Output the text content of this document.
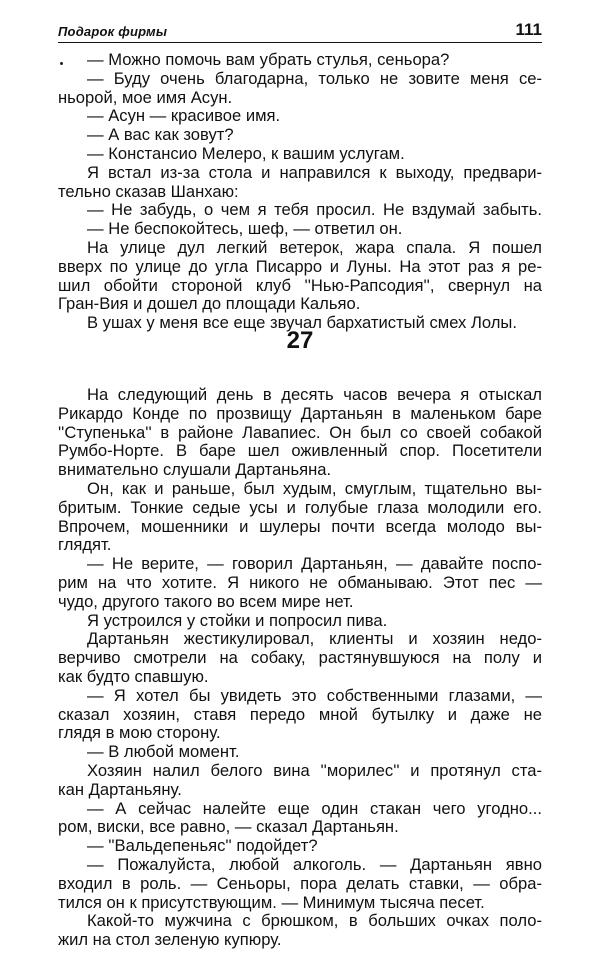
Подарок фирмы	111
— Можно помочь вам убрать стулья, сеньора?
— Буду очень благодарна, только не зовите меня се-
ньорой, мое имя Асун.
— Асун — красивое имя.
— А вас как зовут?
— Констансио Мелеро, к вашим услугам.
Я встал из-за стола и направился к выходу, предвари-
тельно сказав Шанхаю:
— Не забудь, о чем я тебя просил. Не вздумай забыть.
— Не беспокойтесь, шеф, — ответил он.
На улице дул легкий ветерок, жара спала. Я пошел
вверх по улице до угла Писарро и Луны. На этот раз я ре-
шил обойти стороной клуб ''Нью-Рапсодия'', свернул на
Гран-Вия и дошел до площади Кальяо.
В ушах у меня все еще звучал бархатистый смех Лолы.
27
На следующий день в десять часов вечера я отыскал
Рикардо Конде по прозвищу Дартаньян в маленьком баре
''Ступенька'' в районе Лавапиес. Он был со своей собакой
Румбо-Норте. В баре шел оживленный спор. Посетители
внимательно слушали Дартаньяна.
Он, как и раньше, был худым, смуглым, тщательно вы-
бритым. Тонкие седые усы и голубые глаза молодили его.
Впрочем, мошенники и шулеры почти всегда молодо вы-
глядят.
— Не верите, — говорил Дартаньян, — давайте поспо-
рим на что хотите. Я никого не обманываю. Этот пес —
чудо, другого такого во всем мире нет.
Я устроился у стойки и попросил пива.
Дартаньян жестикулировал, клиенты и хозяин недо-
верчиво смотрели на собаку, растянувшуюся на полу и
как будто спавшую.
— Я хотел бы увидеть это собственными глазами, —
сказал хозяин, ставя передо мной бутылку и даже не
глядя в мою сторону.
— В любой момент.
Хозяин налил белого вина ''морилес'' и протянул ста-
кан Дартаньяну.
— А сейчас налейте еще один стакан чего угодно...
ром, виски, все равно, — сказал Дартаньян.
— ''Вальдепеньяс'' подойдет?
— Пожалуйста, любой алкоголь. — Дартаньян явно
входил в роль. — Сеньоры, пора делать ставки, — обра-
тился он к присутствующим. — Минимум тысяча песет.
Какой-то мужчина с брюшком, в больших очках поло-
жил на стол зеленую купюру.
